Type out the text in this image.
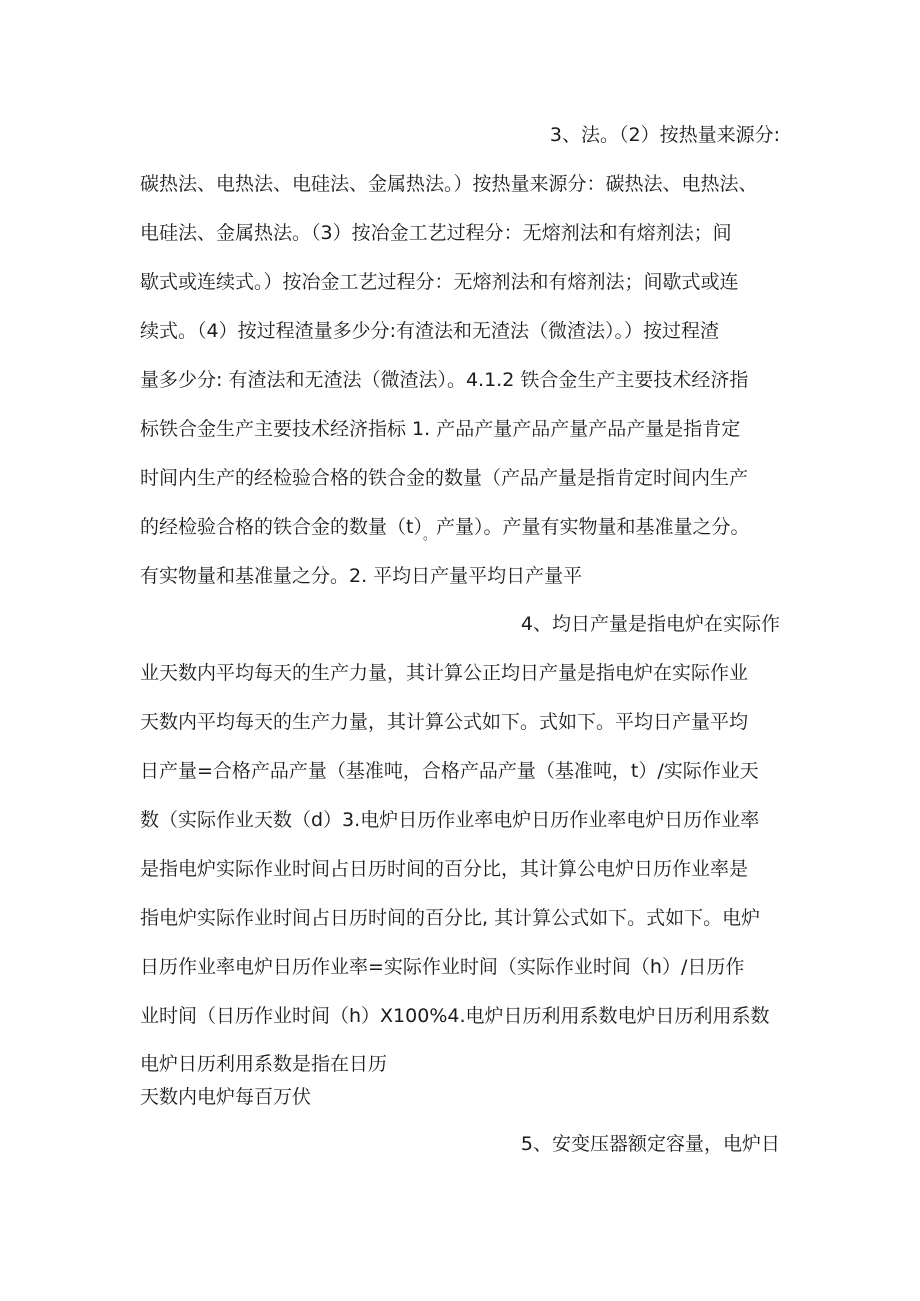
3、法。（2）按热量来源分:
碳热法、电热法、电硅法、金属热法。）按热量来源分：碳热法、电热法、
电硅法、金属热法。（3）按冶金工艺过程分：无熔剂法和有熔剂法；间
歇式或连续式。）按冶金工艺过程分：无熔剂法和有熔剂法；间歇式或连
续式。（4）按过程渣量多少分:有渣法和无渣法（微渣法）。）按过程渣
量多少分: 有渣法和无渣法（微渣法）。4.1.2 铁合金生产主要技术经济指
标铁合金生产主要技术经济指标 1. 产品产量产品产量产品产量是指肯定
时间内生产的经检验合格的铁合金的数量（产品产量是指肯定时间内生产
的经检验合格的铁合金的数量$(t)_。$产量）。产量有实物量和基准量之分。
有实物量和基准量之分。2. 平均日产量平均日产量平
4、均日产量是指电炉在实际作
业天数内平均每天的生产力量，其计算公正均日产量是指电炉在实际作业
天数内平均每天的生产力量，其计算公式如下。式如下。平均日产量平均
日产量=合格产品产量（基准吨，合格产品产量（基准吨，t）/实际作业天
数（实际作业天数（d）3.电炉日历作业率电炉日历作业率电炉日历作业率
是指电炉实际作业时间占日历时间的百分比，其计算公电炉日历作业率是
指电炉实际作业时间占日历时间的百分比, 其计算公式如下。式如下。电炉
日历作业率电炉日历作业率=实际作业时间（实际作业时间（h）/日历作
业时间（日历作业时间（h）X100%4.电炉日历利用系数电炉日历利用系数
电炉日历利用系数是指在日历
天数内电炉每百万伏
5、安变压器额定容量，电炉日
